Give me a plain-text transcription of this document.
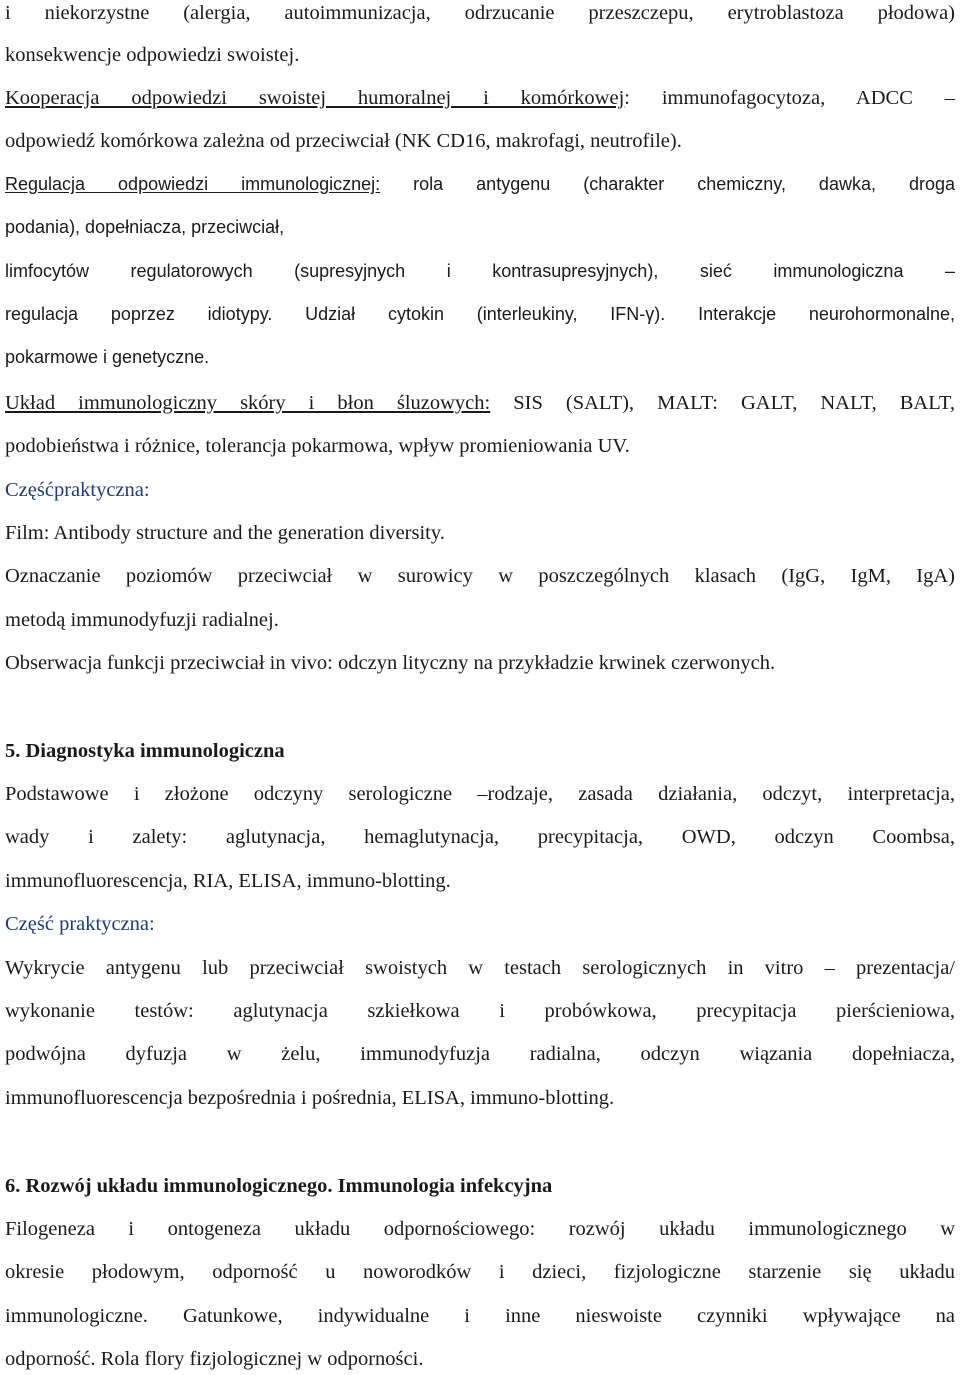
i niekorzystne (alergia, autoimmunizacja, odrzucanie przeszczepu, erytroblastoza płodowa)
konsekwencje odpowiedzi swoistej.
Kooperacja odpowiedzi swoistej humoralnej i komórkowej: immunofagocytoza, ADCC –
odpowiedź komórkowa zależna od przeciwciał (NK CD16, makrofagi, neutrofile).
Regulacja odpowiedzi immunologicznej: rola antygenu (charakter chemiczny, dawka, droga
podania), dopełniacza, przeciwciał,
limfocytów regulatorowych (supresyjnych i kontrasupresyjnych), sieć immunologiczna –
regulacja poprzez idiotypy. Udział cytokin (interleukiny, IFN-γ). Interakcje neurohormonalne,
pokarmowe i genetyczne.
Układ immunologiczny skóry i błon śluzowych: SIS (SALT), MALT: GALT, NALT, BALT,
podobieństwa i różnice, tolerancja pokarmowa, wpływ promieniowania UV.
Częśćpraktyczna:
Film: Antibody structure and the generation diversity.
Oznaczanie poziomów przeciwciał w surowicy w poszczególnych klasach (IgG, IgM, IgA)
metodą immunodyfuzji radialnej.
Obserwacja funkcji przeciwciał in vivo: odczyn lityczny na przykładzie krwinek czerwonych.
5. Diagnostyka immunologiczna
Podstawowe i złożone odczyny serologiczne –rodzaje, zasada działania, odczyt, interpretacja,
wady i zalety: aglutynacja, hemaglutynacja, precypitacja, OWD, odczyn Coombsa,
immunofluorescencja, RIA, ELISA, immuno-blotting.
Część praktyczna:
Wykrycie antygenu lub przeciwciał swoistych w testach serologicznych in vitro – prezentacja/
wykonanie testów: aglutynacja szkiełkowa i probówkowa, precypitacja pierścieniowa,
podwójna dyfuzja w żelu, immunodyfuzja radialna, odczyn wiązania dopełniacza,
immunofluorescencja bezpośrednia i pośrednia, ELISA, immuno-blotting.
6. Rozwój układu immunologicznego. Immunologia infekcyjna
Filogeneza i ontogeneza układu odpornościowego: rozwój układu immunologicznego w
okresie płodowym, odporność u noworodków i dzieci, fizjologiczne starzenie się układu
immunologiczne. Gatunkowe, indywidualne i inne nieswoiste czynniki wpływające na
odporność. Rola flory fizjologicznej w odporności.
